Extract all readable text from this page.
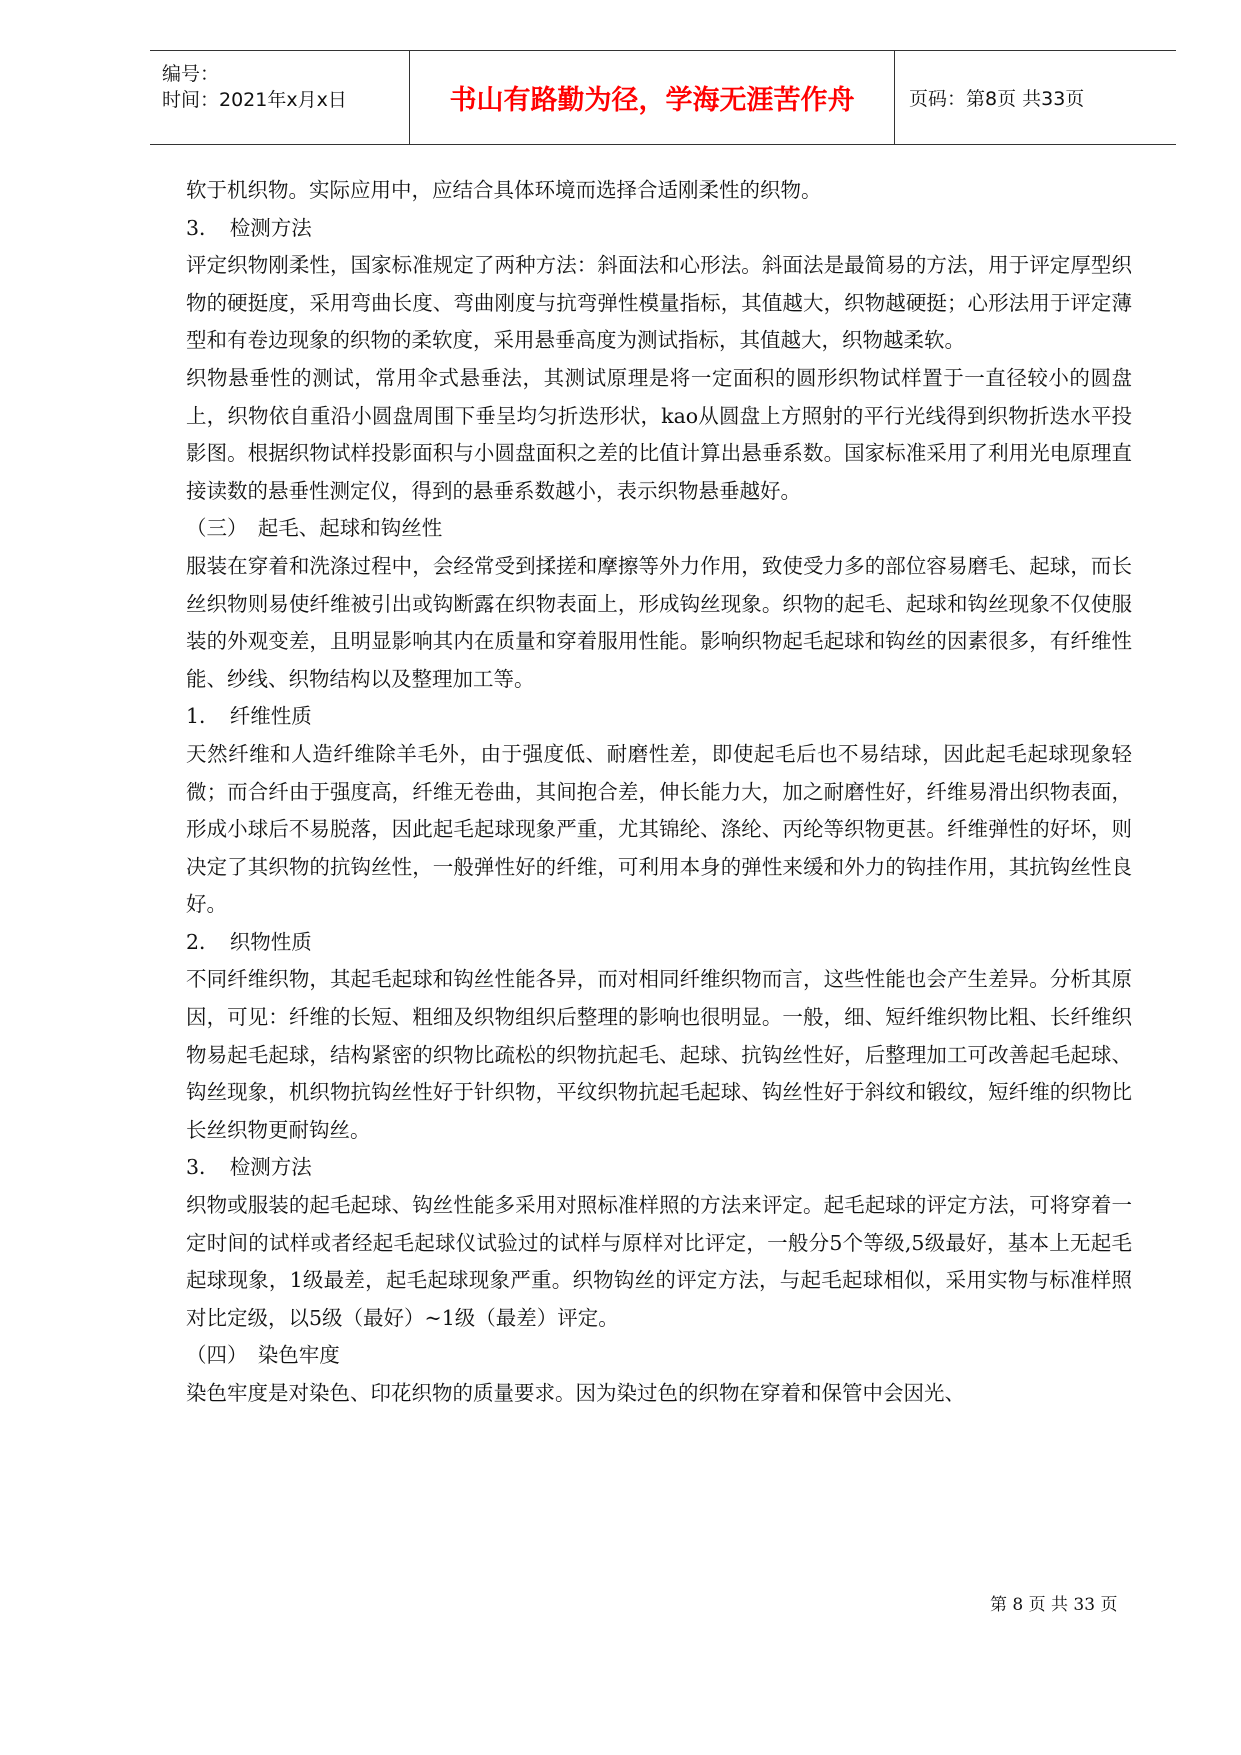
编号：
时间：2021年x月x日	书山有路勤为径，学海无涯苦作舟	页码：第8页 共33页

软于机织物。实际应用中，应结合具体环境而选择合适刚柔性的织物。

3．　检测方法

评定织物刚柔性，国家标准规定了两种方法：斜面法和心形法。斜面法是最简易的方法，用于评定厚型织物的硬挺度，采用弯曲长度、弯曲刚度与抗弯弹性模量指标，其值越大，织物越硬挺；心形法用于评定薄型和有卷边现象的织物的柔软度，采用悬垂高度为测试指标，其值越大，织物越柔软。

织物悬垂性的测试，常用伞式悬垂法，其测试原理是将一定面积的圆形织物试样置于一直径较小的圆盘上，织物依自重沿小圆盘周围下垂呈均匀折迭形状，kao从圆盘上方照射的平行光线得到织物折迭水平投影图。根据织物试样投影面积与小圆盘面积之差的比值计算出悬垂系数。国家标准采用了利用光电原理直接读数的悬垂性测定仪，得到的悬垂系数越小，表示织物悬垂越好。

（三）　起毛、起球和钩丝性

服装在穿着和洗涤过程中，会经常受到揉搓和摩擦等外力作用，致使受力多的部位容易磨毛、起球，而长丝织物则易使纤维被引出或钩断露在织物表面上，形成钩丝现象。织物的起毛、起球和钩丝现象不仅使服装的外观变差，且明显影响其内在质量和穿着服用性能。影响织物起毛起球和钩丝的因素很多，有纤维性能、纱线、织物结构以及整理加工等。

1．　纤维性质

天然纤维和人造纤维除羊毛外，由于强度低、耐磨性差，即使起毛后也不易结球，因此起毛起球现象轻微；而合纤由于强度高，纤维无卷曲，其间抱合差，伸长能力大，加之耐磨性好，纤维易滑出织物表面，形成小球后不易脱落，因此起毛起球现象严重，尤其锦纶、涤纶、丙纶等织物更甚。纤维弹性的好坏，则决定了其织物的抗钩丝性，一般弹性好的纤维，可利用本身的弹性来缓和外力的钩挂作用，其抗钩丝性良好。

2．　织物性质

不同纤维织物，其起毛起球和钩丝性能各异，而对相同纤维织物而言，这些性能也会产生差异。分析其原因，可见：纤维的长短、粗细及织物组织后整理的影响也很明显。一般，细、短纤维织物比粗、长纤维织物易起毛起球，结构紧密的织物比疏松的织物抗起毛、起球、抗钩丝性好，后整理加工可改善起毛起球、钩丝现象，机织物抗钩丝性好于针织物，平纹织物抗起毛起球、钩丝性好于斜纹和锻纹，短纤维的织物比长丝织物更耐钩丝。

3．　检测方法

织物或服装的起毛起球、钩丝性能多采用对照标准样照的方法来评定。起毛起球的评定方法，可将穿着一定时间的试样或者经起毛起球仪试验过的试样与原样对比评定，一般分5个等级,5级最好，基本上无起毛起球现象，1级最差，起毛起球现象严重。织物钩丝的评定方法，与起毛起球相似，采用实物与标准样照对比定级，以5级（最好）~1级（最差）评定。

（四）　染色牢度

染色牢度是对染色、印花织物的质量要求。因为染过色的织物在穿着和保管中会因光、

第 8 页 共 33 页
